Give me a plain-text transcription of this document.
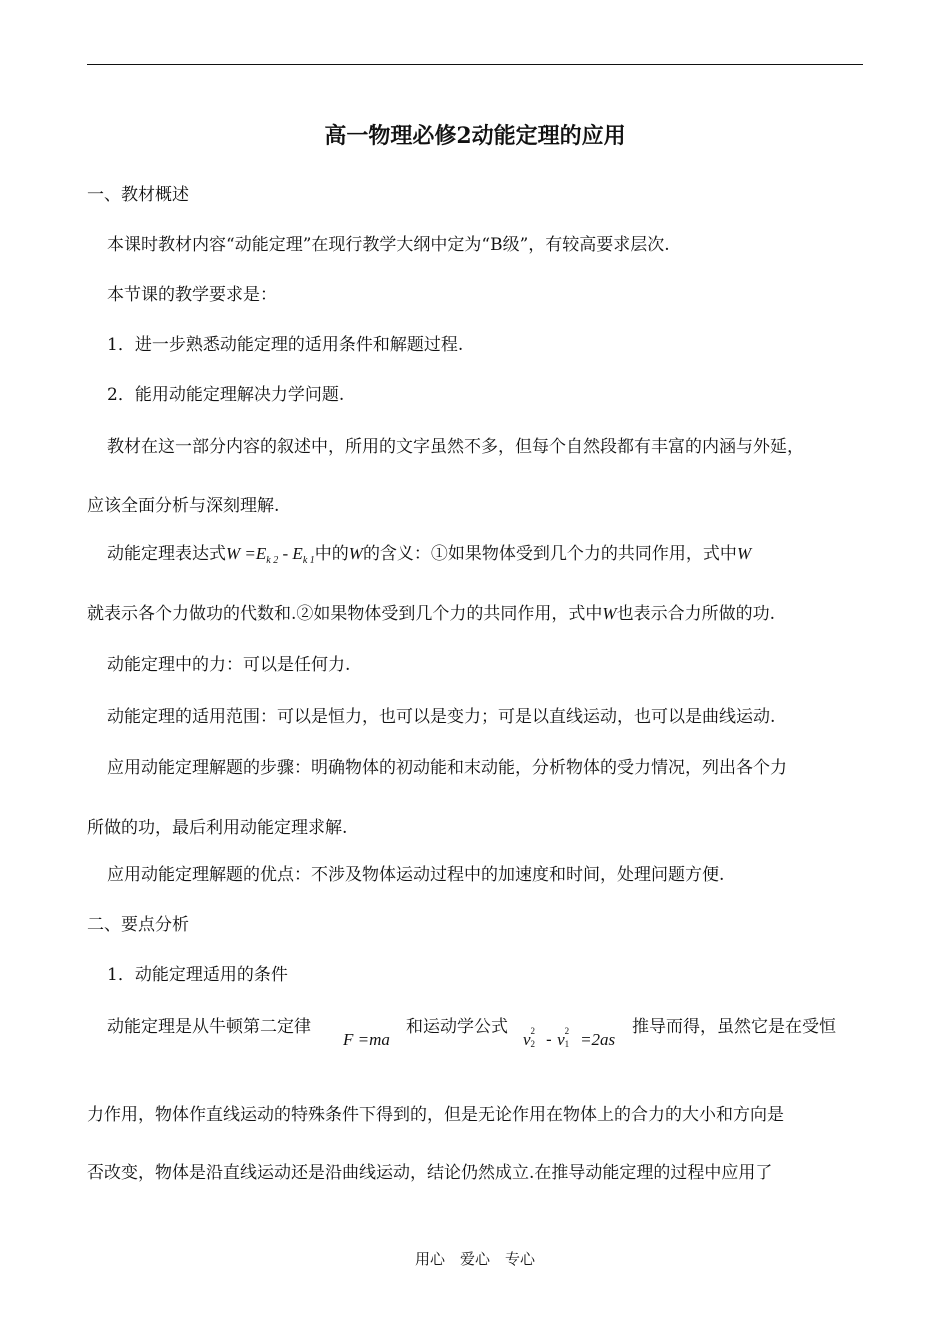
高一物理必修2动能定理的应用
一、教材概述
本课时教材内容“动能定理”在现行教学大纲中定为“B级”，有较高要求层次.
本节课的教学要求是：
1．进一步熟悉动能定理的适用条件和解题过程.
2．能用动能定理解决力学问题.
教材在这一部分内容的叙述中，所用的文字虽然不多，但每个自然段都有丰富的内涵与外延，
应该全面分析与深刻理解.
动能定理表达式$W =E_{k 2} - E_{k 1}$中的W的含义：①如果物体受到几个力的共同作用，式中W
就表示各个力做功的代数和.②如果物体受到几个力的共同作用，式中W也表示合力所做的功.
动能定理中的力：可以是任何力.
动能定理的适用范围：可以是恒力，也可以是变力；可是以直线运动，也可以是曲线运动.
应用动能定理解题的步骤：明确物体的初动能和末动能，分析物体的受力情况，列出各个力
所做的功，最后利用动能定理求解.
应用动能定理解题的优点：不涉及物体运动过程中的加速度和时间，处理问题方便.
二、要点分析
1．动能定理适用的条件
动能定理是从牛顿第二定律
F =ma
和运动学公式
v 2
2 - v 2
1 =2as
推导而得，虽然它是在受恒
力作用，物体作直线运动的特殊条件下得到的，但是无论作用在物体上的合力的大小和方向是
否改变，物体是沿直线运动还是沿曲线运动，结论仍然成立.在推导动能定理的过程中应用了
用心　爱心　专心
